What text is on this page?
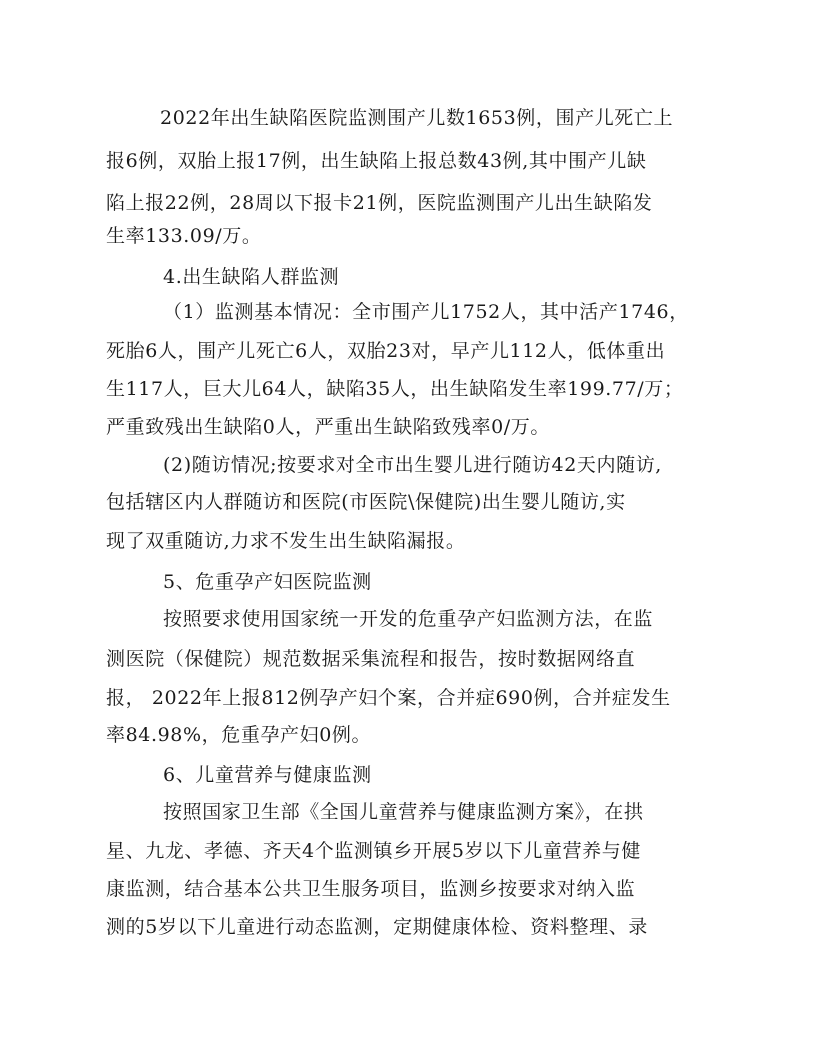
2022年出生缺陷医院监测围产儿数1653例，围产儿死亡上
报6例，双胎上报17例，出生缺陷上报总数43例,其中围产儿缺
陷上报22例，28周以下报卡21例，医院监测围产儿出生缺陷发
生率133.09/万。
4.出生缺陷人群监测
（1）监测基本情况：全市围产儿1752人，其中活产1746，
死胎6人，围产儿死亡6人，双胎23对，早产儿112人，低体重出
生117人，巨大儿64人，缺陷35人，出生缺陷发生率199.77/万；
严重致残出生缺陷0人，严重出生缺陷致残率0/万。
(2)随访情况;按要求对全市出生婴儿进行随访42天内随访,
包括辖区内人群随访和医院(市医院\保健院)出生婴儿随访,实
现了双重随访,力求不发生出生缺陷漏报。
5、危重孕产妇医院监测
按照要求使用国家统一开发的危重孕产妇监测方法，在监
测医院（保健院）规范数据采集流程和报告，按时数据网络直
报， 2022年上报812例孕产妇个案，合并症690例，合并症发生
率84.98%，危重孕产妇0例。
6、儿童营养与健康监测
按照国家卫生部《全国儿童营养与健康监测方案》，在拱
星、九龙、孝德、齐天4个监测镇乡开展5岁以下儿童营养与健
康监测，结合基本公共卫生服务项目，监测乡按要求对纳入监
测的5岁以下儿童进行动态监测，定期健康体检、资料整理、录
